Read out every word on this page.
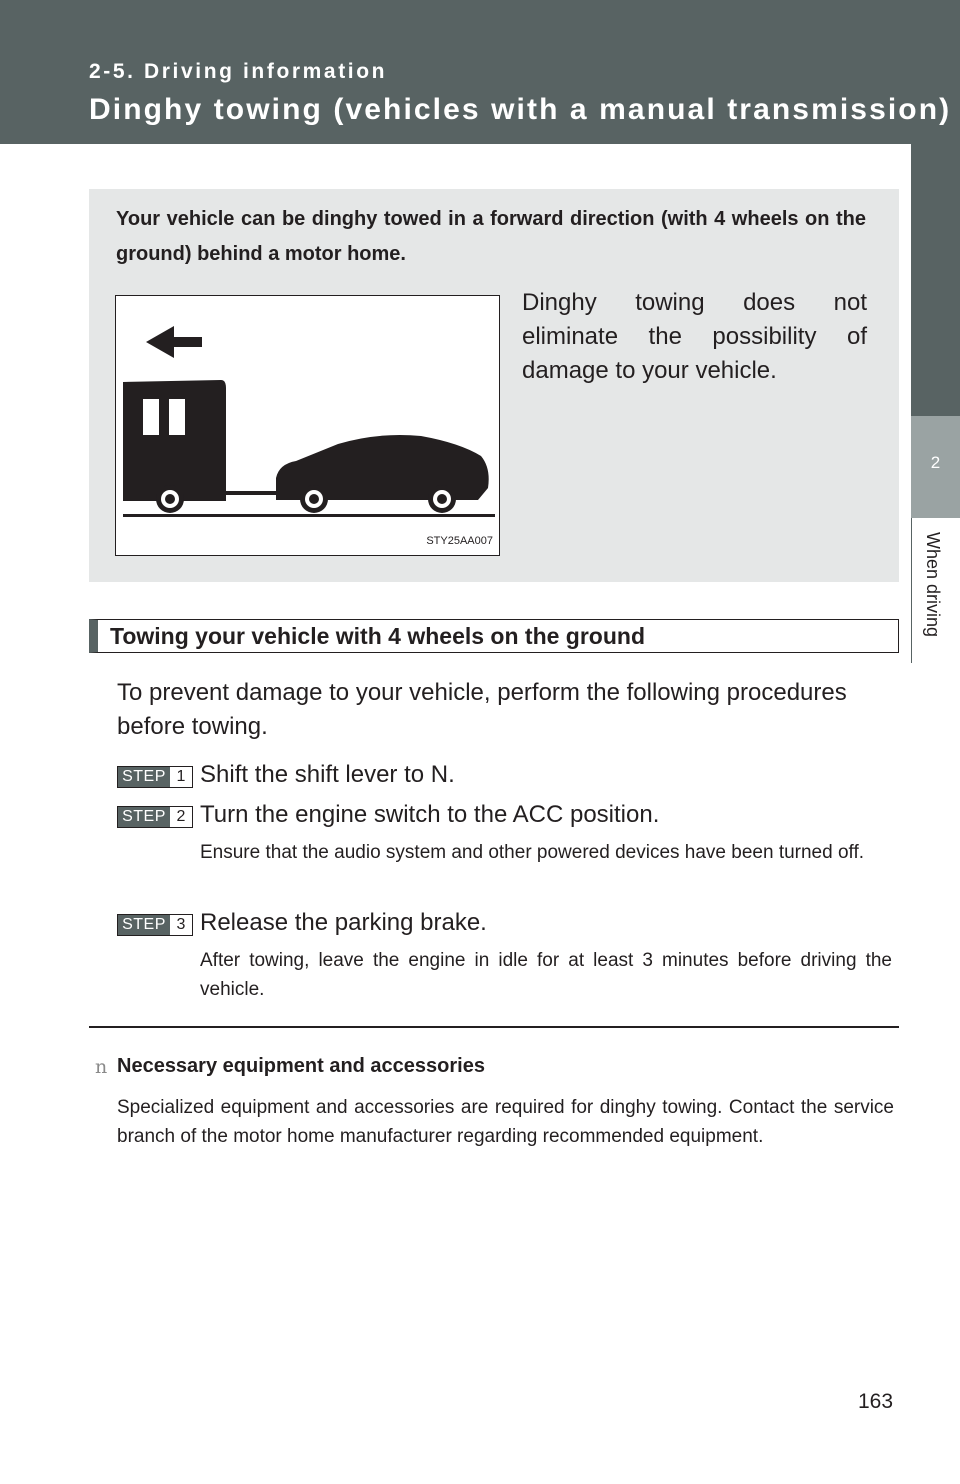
2-5. Driving information
Dinghy towing (vehicles with a manual transmission)
2
When driving
Your vehicle can be dinghy towed in a forward direction (with 4 wheels on the ground) behind a motor home.
STY25AA007
Dinghy towing does not eliminate the possibility of damage to your vehicle.
Towing your vehicle with 4 wheels on the ground
To prevent damage to your vehicle, perform the following procedures before towing.
STEP 1 Shift the shift lever to N.
STEP 2 Turn the engine switch to the ACC position.
Ensure that the audio system and other powered devices have been turned off.
STEP 3 Release the parking brake.
After towing, leave the engine in idle for at least 3 minutes before driving the vehicle.
n Necessary equipment and accessories
Specialized equipment and accessories are required for dinghy towing. Contact the service branch of the motor home manufacturer regarding recommended equipment.
163
